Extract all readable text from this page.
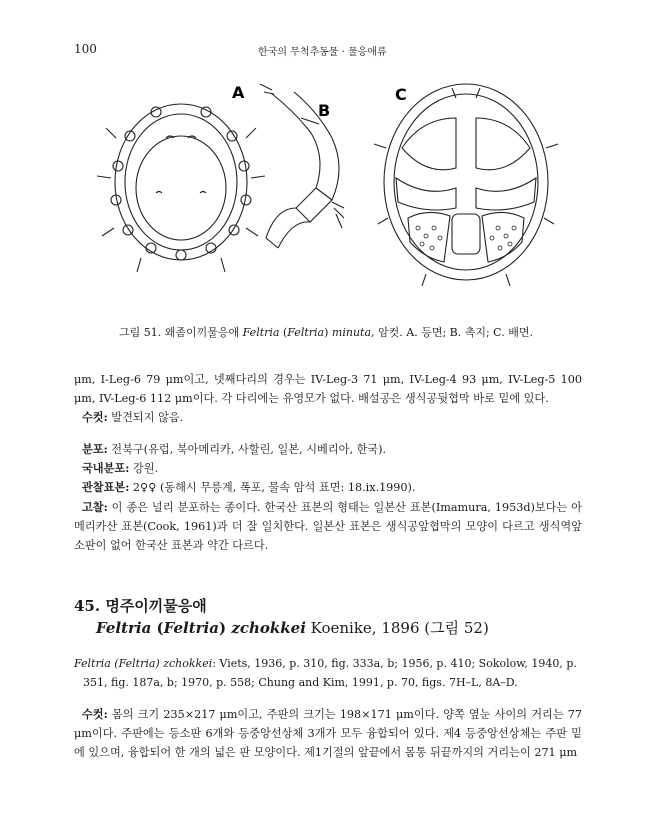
100	한국의 무척추동물 · 물응애류
A
B
C
그림 51. 왜좀이끼물응애 Feltria (Feltria) minuta, 암컷. A. 등면; B. 촉지; C. 배면.

μm, I-Leg-6 79 μm이고, 넷째다리의 경우는 IV-Leg-3 71 μm, IV-Leg-4 93 μm, IV-Leg-5 100 μm, IV-Leg-6 112 μm이다. 각 다리에는 유영모가 없다. 배설공은 생식공뒷협막 바로 밑에 있다.

수컷: 발견되지 않음.

분포: 전북구(유럽, 북아메리카, 사할린, 일본, 시베리아, 한국).

국내분포: 강원.

관찰표본: 2♀♀ (동해시 무릉계, 폭포, 물속 암석 표면: 18.ix.1990).

고찰: 이 종은 널리 분포하는 종이다. 한국산 표본의 형태는 일본산 표본(Imamura, 1953d)보다는 아메리카산 표본(Cook, 1961)과 더 잘 일치한다. 일본산 표본은 생식공앞협막의 모양이 다르고 생식역앞소판이 없어 한국산 표본과 약간 다르다.

45. 명주이끼물응애
Feltria (Feltria) zchokkei Koenike, 1896 (그림 52)

Feltria (Feltria) zchokkei: Viets, 1936, p. 310, fig. 333a, b; 1956, p. 410; Sokolow, 1940, p. 351, fig. 187a, b; 1970, p. 558; Chung and Kim, 1991, p. 70, figs. 7H–L, 8A–D.

수컷: 몸의 크기 235×217 μm이고, 주판의 크기는 198×171 μm이다. 양쪽 옆눈 사이의 거리는 77 μm이다. 주판에는 등소판 6개와 등중앙선상체 3개가 모두 융합되어 있다. 제4 등중앙선상체는 주판 밑에 있으며, 융합되어 한 개의 넓은 판 모양이다. 제1기절의 앞끝에서 몸통 뒤끝까지의 거리는이 271 μm
